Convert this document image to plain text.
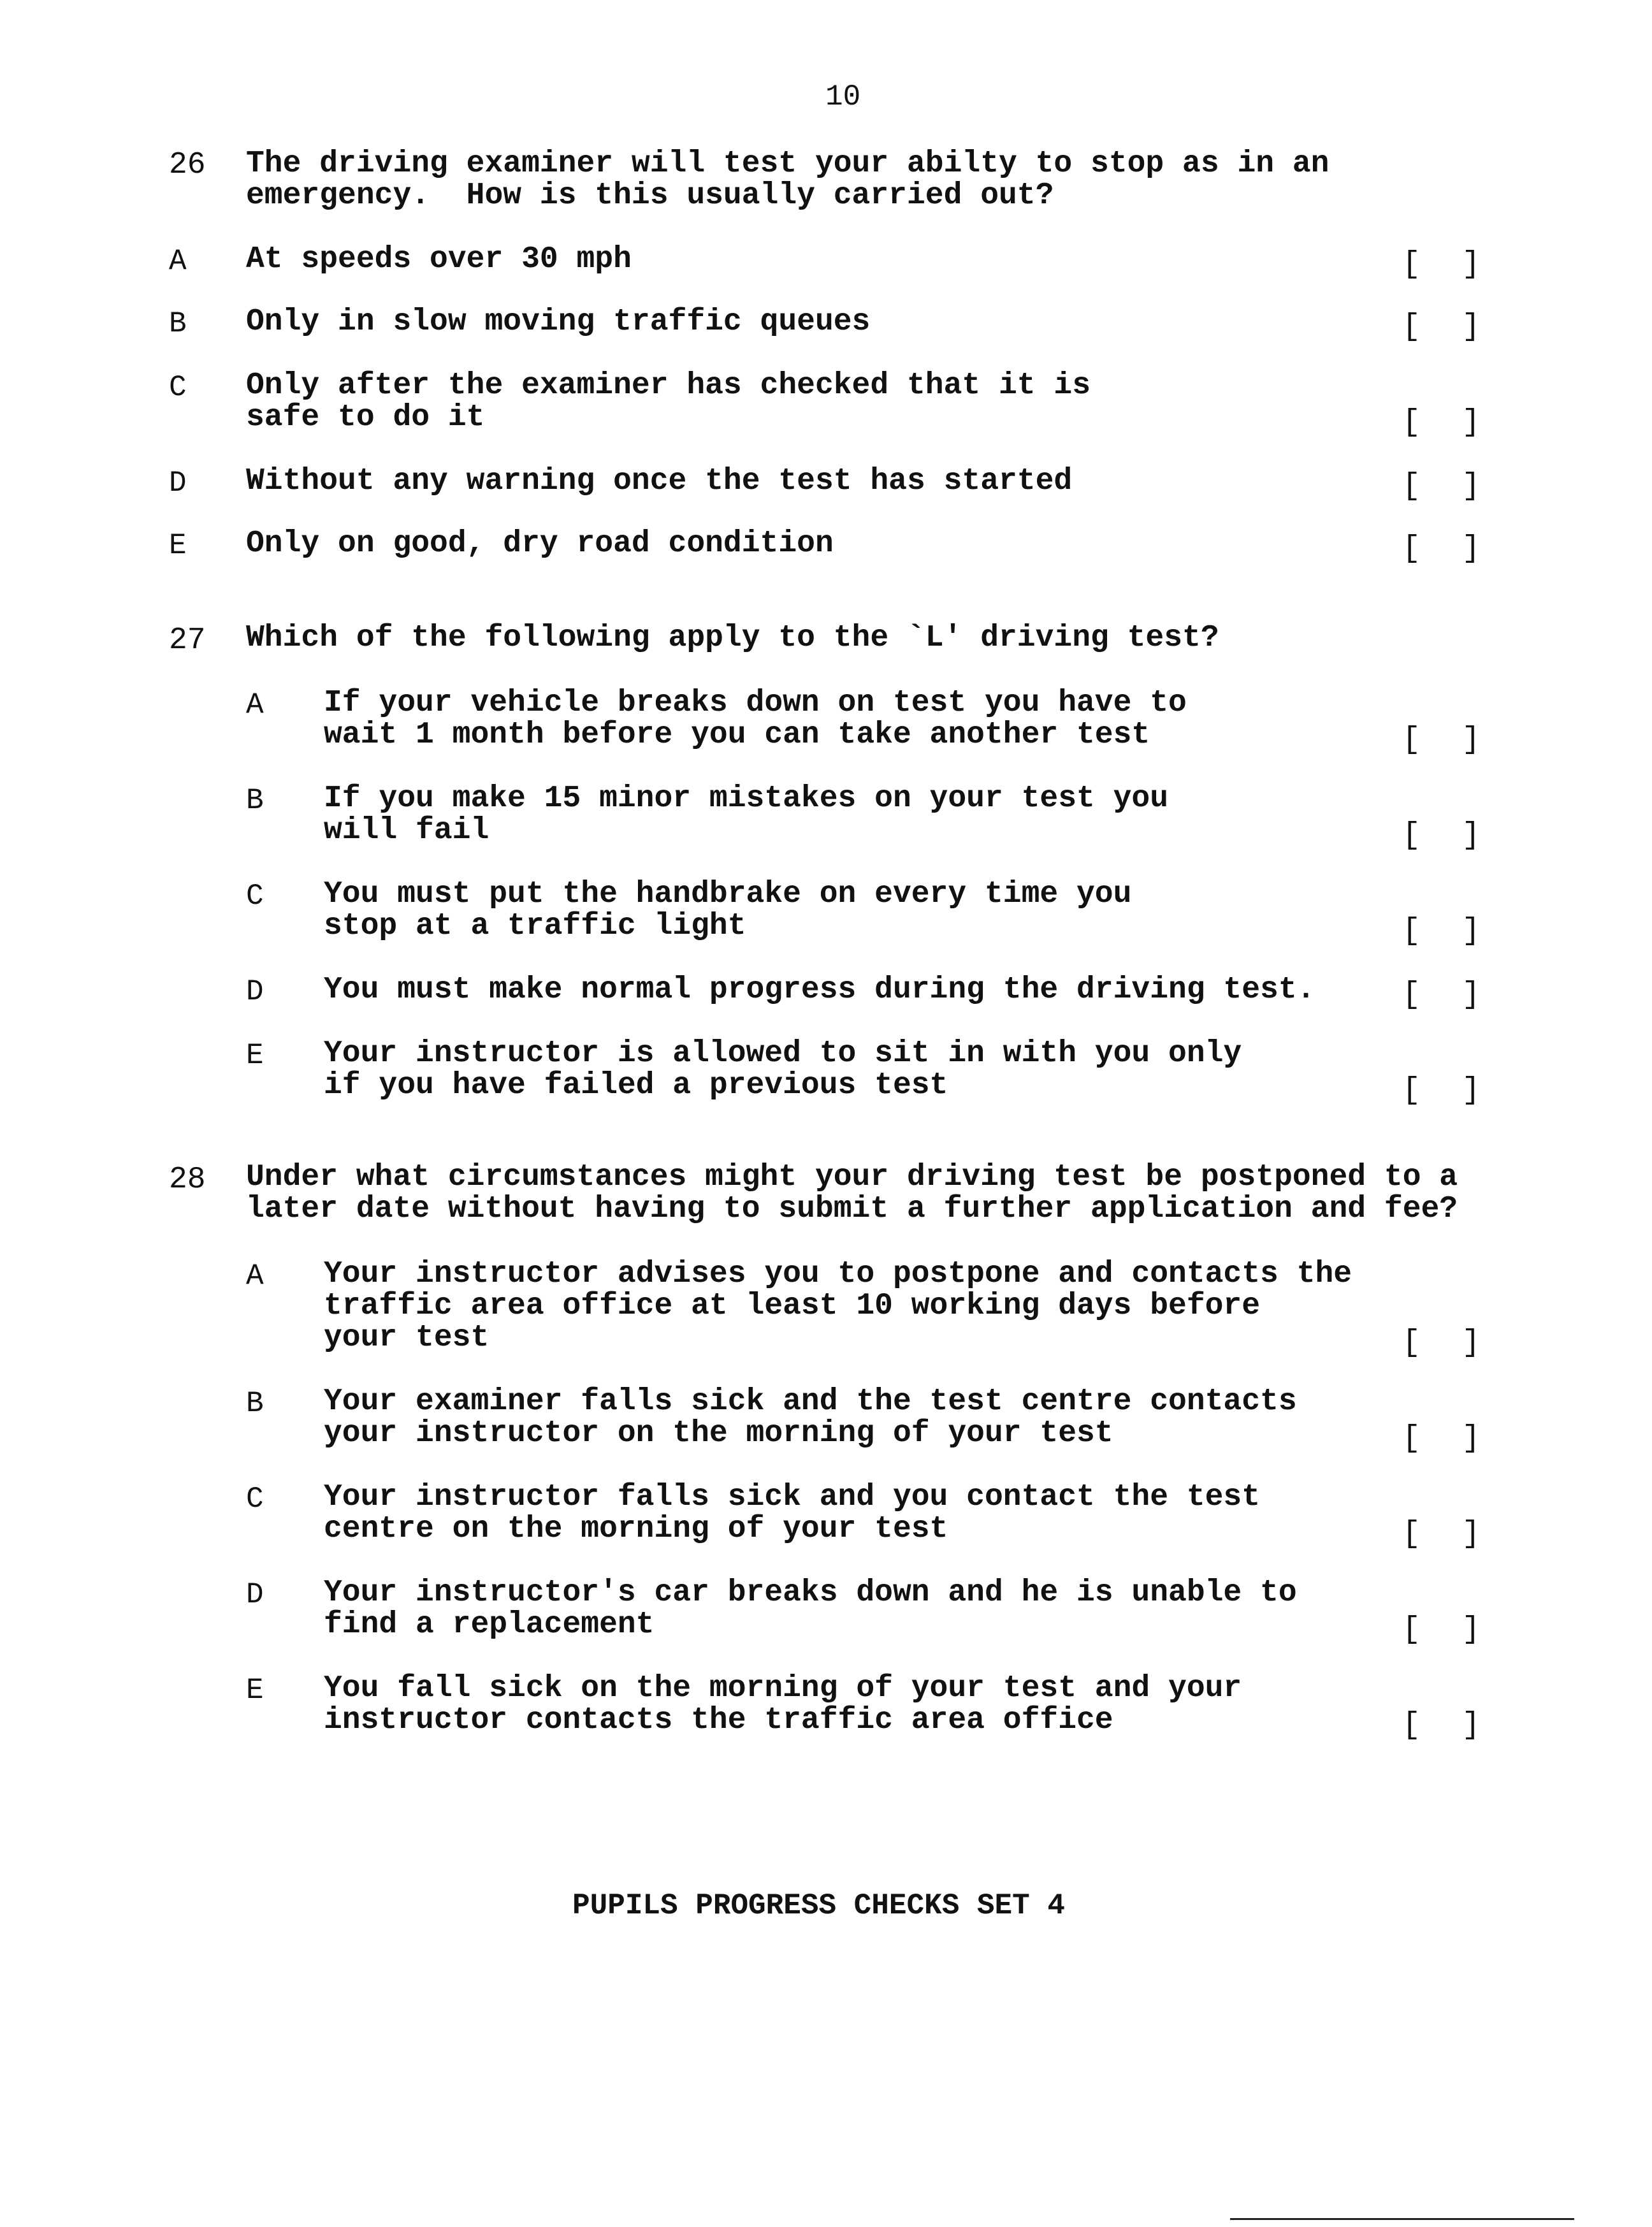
10
26 The driving examiner will test your abilty to stop as in an
emergency.  How is this usually carried out?
A At speeds over 30 mph	[ ]
B Only in slow moving traffic queues	[ ]
C Only after the examiner has checked that it is
safe to do it	[ ]
D Without any warning once the test has started	[ ]
E Only on good, dry road condition	[ ]
27 Which of the following apply to the `L' driving test?
A If your vehicle breaks down on test you have to
wait 1 month before you can take another test	[ ]
B If you make 15 minor mistakes on your test you
will fail	[ ]
C You must put the handbrake on every time you
stop at a traffic light	[ ]
D You must make normal progress during the driving test.	[ ]
E Your instructor is allowed to sit in with you only
if you have failed a previous test	[ ]
28 Under what circumstances might your driving test be postponed to a
later date without having to submit a further application and fee?
A Your instructor advises you to postpone and contacts the
traffic area office at least 10 working days before
your test	[ ]
B Your examiner falls sick and the test centre contacts
your instructor on the morning of your test	[ ]
C Your instructor falls sick and you contact the test
centre on the morning of your test	[ ]
D Your instructor's car breaks down and he is unable to
find a replacement	[ ]
E You fall sick on the morning of your test and your
instructor contacts the traffic area office	[ ]
PUPILS PROGRESS CHECKS SET 4
